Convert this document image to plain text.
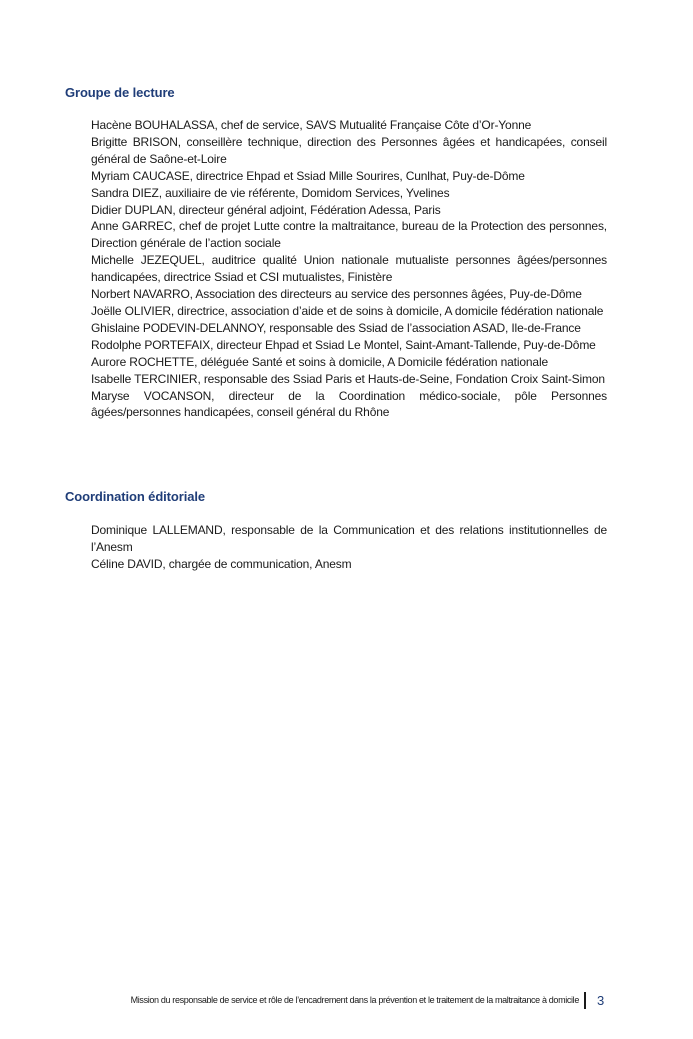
Groupe de lecture
Hacène BOUHALASSA, chef de service, SAVS Mutualité Française Côte d’Or-Yonne
Brigitte BRISON, conseillère technique, direction des Personnes âgées et handicapées, conseil général de Saône-et-Loire
Myriam CAUCASE, directrice Ehpad et Ssiad Mille Sourires, Cunlhat, Puy-de-Dôme
Sandra DIEZ, auxiliaire de vie référente, Domidom Services, Yvelines
Didier DUPLAN, directeur général adjoint, Fédération Adessa, Paris
Anne GARREC, chef de projet Lutte contre la maltraitance, bureau de la Protection des personnes, Direction générale de l’action sociale
Michelle JEZEQUEL, auditrice qualité Union nationale mutualiste personnes âgées/personnes handicapées, directrice Ssiad et CSI mutualistes, Finistère
Norbert NAVARRO, Association des directeurs au service des personnes âgées, Puy-de-Dôme
Joëlle OLIVIER, directrice, association d’aide et de soins à domicile, A domicile fédération nationale
Ghislaine PODEVIN-DELANNOY, responsable des Ssiad de l’association ASAD, Ile-de-France
Rodolphe PORTEFAIX, directeur Ehpad et Ssiad Le Montel, Saint-Amant-Tallende, Puy-de-Dôme
Aurore ROCHETTE, déléguée Santé et soins à domicile, A Domicile fédération nationale
Isabelle TERCINIER, responsable des Ssiad Paris et Hauts-de-Seine, Fondation Croix Saint-Simon
Maryse VOCANSON, directeur de la Coordination médico-sociale, pôle Personnes âgées/personnes handicapées, conseil général du Rhône
Coordination éditoriale
Dominique LALLEMAND, responsable de la Communication et des relations institutionnelles de l’Anesm
Céline DAVID, chargée de communication, Anesm
Mission du responsable de service et rôle de l’encadrement dans la prévention et le traitement de la maltraitance à domicile 3
